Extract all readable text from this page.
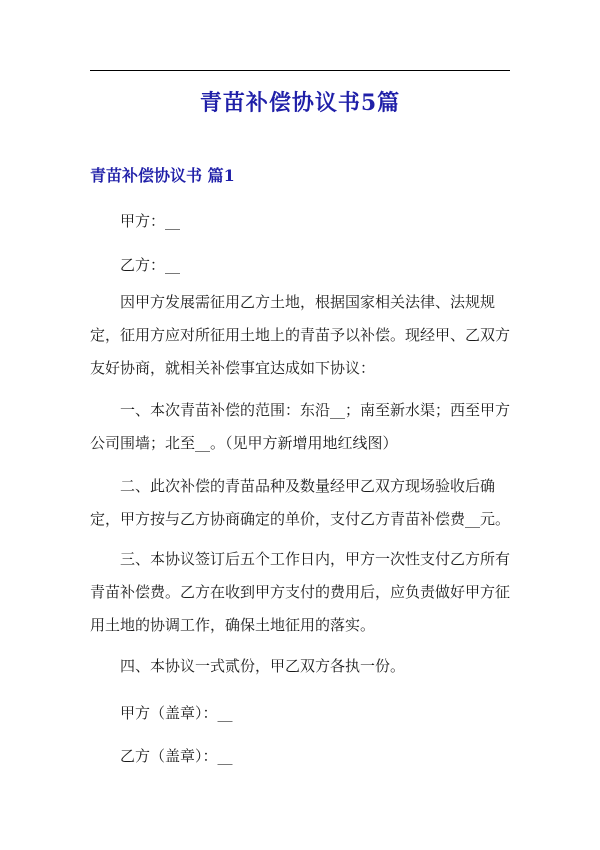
青苗补偿协议书5篇
青苗补偿协议书 篇1

甲方：__

乙方：__

因甲方发展需征用乙方土地，根据国家相关法律、法规规定，征用方应对所征用土地上的青苗予以补偿。现经甲、乙双方友好协商，就相关补偿事宜达成如下协议：

一、本次青苗补偿的范围：东沿__；南至新水渠；西至甲方公司围墙；北至__。（见甲方新增用地红线图）

二、此次补偿的青苗品种及数量经甲乙双方现场验收后确定，甲方按与乙方协商确定的单价，支付乙方青苗补偿费__元。

三、本协议签订后五个工作日内，甲方一次性支付乙方所有青苗补偿费。乙方在收到甲方支付的费用后，应负责做好甲方征用土地的协调工作，确保土地征用的落实。

四、本协议一式贰份，甲乙双方各执一份。

甲方（盖章）：__

乙方（盖章）：__
